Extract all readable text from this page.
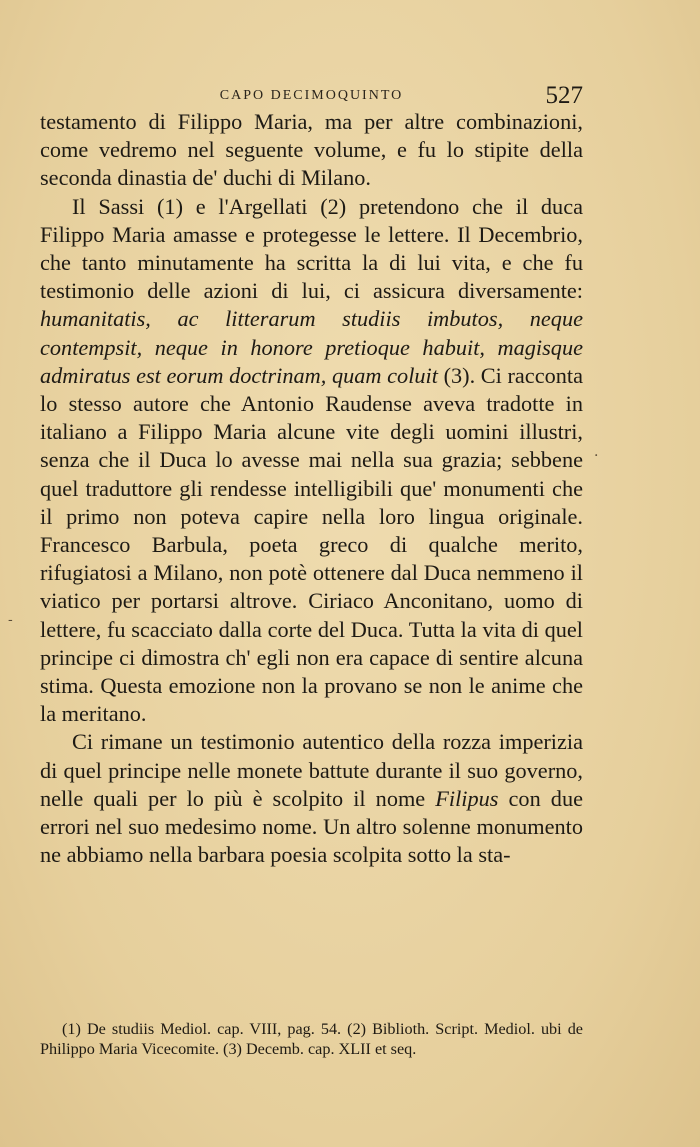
CAPO DECIMOQUINTO	527

testamento di Filippo Maria, ma per altre combinazioni, come vedremo nel seguente volume, e fu lo stipite della seconda dinastia de' duchi di Milano.

Il Sassi (1) e l'Argellati (2) pretendono che il duca Filippo Maria amasse e protegesse le lettere. Il Decembrio, che tanto minutamente ha scritta la di lui vita, e che fu testimonio delle azioni di lui, ci assicura diversamente: humanitatis, ac litterarum studiis imbutos, neque contempsit, neque in honore pretioque habuit, magisque admiratus est eorum doctrinam, quam coluit (3). Ci racconta lo stesso autore che Antonio Raudense aveva tradotte in italiano a Filippo Maria alcune vite degli uomini illustri, senza che il Duca lo avesse mai nella sua grazia; sebbene quel traduttore gli rendesse intelligibili que' monumenti che il primo non poteva capire nella loro lingua originale. Francesco Barbula, poeta greco di qualche merito, rifugiatosi a Milano, non potè ottenere dal Duca nemmeno il viatico per portarsi altrove. Ciriaco Anconitano, uomo di lettere, fu scacciato dalla corte del Duca. Tutta la vita di quel principe ci dimostra ch' egli non era capace di sentire alcuna stima. Questa emozione non la provano se non le anime che la meritano.

Ci rimane un testimonio autentico della rozza imperizia di quel principe nelle monete battute durante il suo governo, nelle quali per lo più è scolpito il nome Filipus con due errori nel suo medesimo nome. Un altro solenne monumento ne abbiamo nella barbara poesia scolpita sotto la sta-

·
-

(1) De studiis Mediol. cap. VIII, pag. 54. (2) Biblioth. Script. Mediol. ubi de Philippo Maria Vicecomite. (3) Decemb. cap. XLII et seq.
